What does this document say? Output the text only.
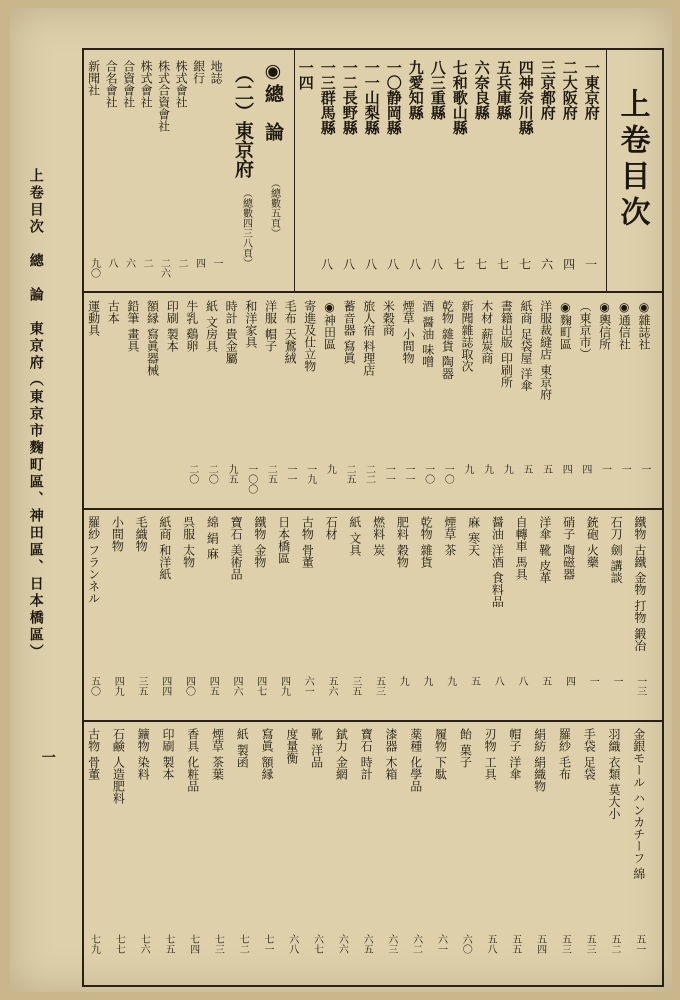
上卷目次　總　論　東京府（東京市麴町區、神田區、日本橋區）
一
上卷目次
一東京府
一
二大阪府
四
三京都府
六
四神奈川縣
七
五兵庫縣
七
六奈良縣
七
七和歌山縣
七
八三重縣
八
九愛知縣
八
一〇静岡縣
八
一一山梨縣
八
一二長野縣
八
一三群馬縣
八
一四
◉
總　論
（總數五頁）
（二）東京府
（總數四三八頁）
地誌
一
銀行
四
株式會社
二
株式合資會社
二六
株式會社
二
合資會社
六
合名會社
八
新聞社
九〇
◉雜誌社
一
◉通信社
一
◉輿信所
一
（東京市）
四
◉麴町區
四
洋服裁縫店 東京府
五
紙商 足袋屋 洋傘
五
書籍出版 印刷所
九
木材 薪炭商
九
新聞雜誌取次
九
乾物 雜貨 陶器
一〇
酒 醤油 味噌
一〇
煙草 小間物
一一
米穀商
一一
旅人宿 料理店
二二
蓄音器 寫眞
二五
◉神田區
九
寄進及仕立物
一九
毛布 天鵞絨
一一
洋服 帽子
二五
和洋家具
一〇〇
時計 貴金屬
九五
紙 文房具
二〇
牛乳 鷄卵
二〇
印刷 製本
額縁 寫眞器械
鉛筆 畫具
古本
運動具
鐵物 古鐵 金物 打物 鍛冶
一三
石刀 劍 講談
一
銃砲 火藥
一
硝子 陶磁器
四
洋傘 靴 皮革
五
自轉車 馬具
八
醤油 洋酒 食料品
八
麻 寒天
五
煙草 茶
九
乾物 雜貨
九
肥料 穀物
九
燃料 炭
五三
紙 文具
三五
石材
五六
古物 骨董
六一
日本橋區
四九
鐵物 金物
四七
寶石 美術品
四六
綿 絹 麻
四五
呉服 太物
四〇
紙商 和洋紙
四四
毛織物
三五
小間物
四九
羅紗 フランネル
五〇
金銀モール ハンカチーフ 綿
五一
羽織 衣類 莫大小
五二
手袋 足袋
五三
羅紗 毛布
五三
絹紡 絹織物
五四
帽子 洋傘
五五
刃物 工具
五八
飴 菓子
六〇
履物 下駄
六一
薬種 化學品
六二
漆器 木箱
六三
寶石 時計
六五
錻力 金網
六六
靴 洋品
六七
度量衡
六八
寫眞 額縁
七一
紙 製函
七二
煙草 茶葉
七三
香具 化粧品
七四
印刷 製本
七五
鑛物 染料
七六
石鹸 人造肥料
七七
古物 骨董
七九
